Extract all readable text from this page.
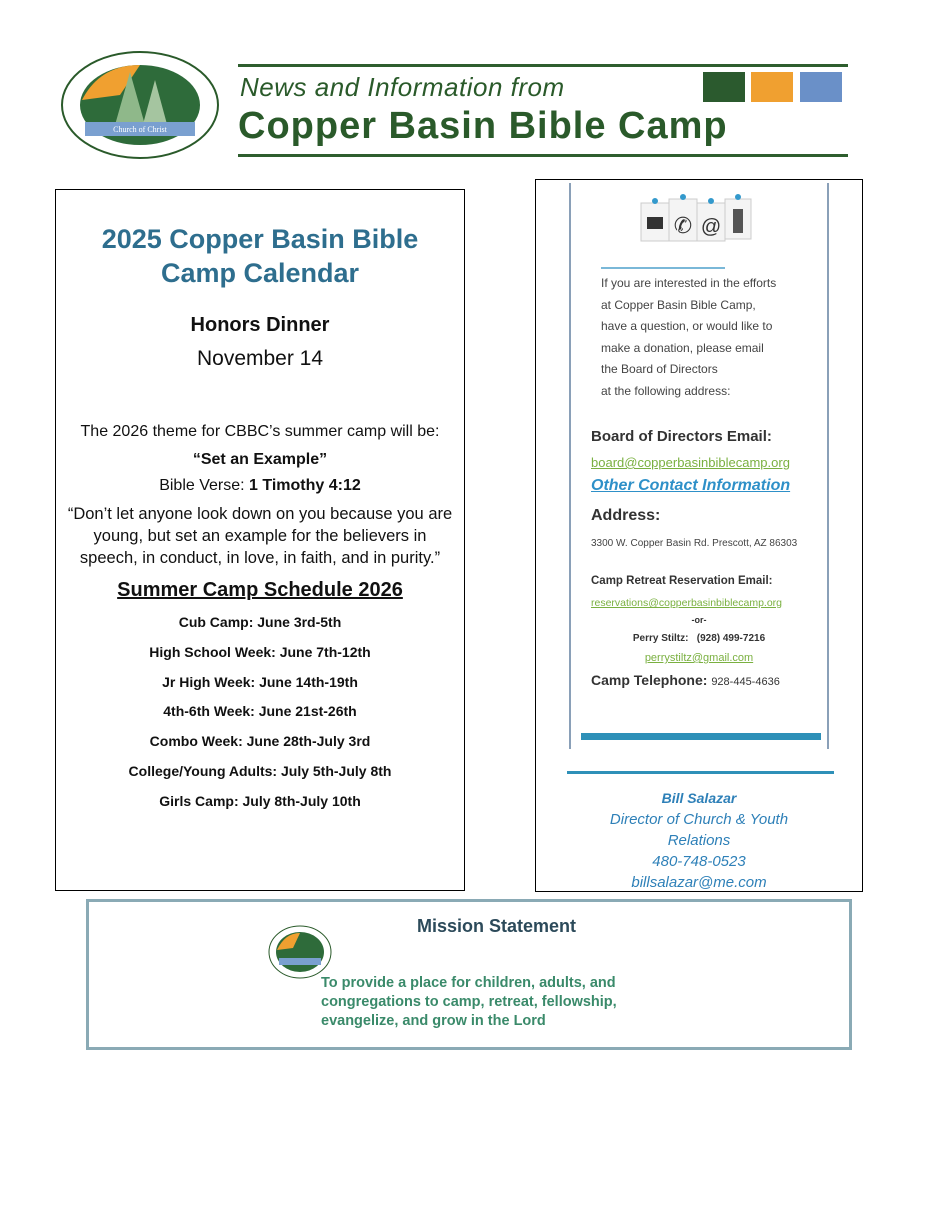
Church of Christ
News and Information from
Copper Basin Bible Camp
2025 Copper Basin Bible Camp Calendar

Honors Dinner

November 14

The 2026 theme for CBBC’s summer camp will be:

“Set an Example”

Bible Verse: 1 Timothy 4:12

“Don’t let anyone look down on you because you are young, but set an example for the believers in speech, in conduct, in love, in faith, and in purity.”

Summer Camp Schedule 2026

Cub Camp: June 3rd-5th
High School Week: June 7th-12th
Jr High Week: June 14th-19th
4th-6th Week: June 21st-26th
Combo Week: June 28th-July 3rd
College/Young Adults: July 5th-July 8th
Girls Camp: July 8th-July 10th
✆ @
If you are interested in the efforts
at Copper Basin Bible Camp,
have a question, or would like to
make a donation, please email
the Board of Directors
at the following address:
Board of Directors Email:
board@copperbasinbiblecamp.org
Other Contact Information
Address:
3300 W. Copper Basin Rd. Prescott, AZ 86303
Camp Retreat Reservation Email:
reservations@copperbasinbiblecamp.org
-or-
Perry Stiltz:   (928) 499-7216
perrystiltz@gmail.com
Camp Telephone: 928-445-4636
Bill Salazar
Director of Church & Youth Relations
480-748-0523
billsalazar@me.com
Mission Statement
To provide a place for children, adults, and congregations to camp, retreat, fellowship, evangelize, and grow in the Lord
